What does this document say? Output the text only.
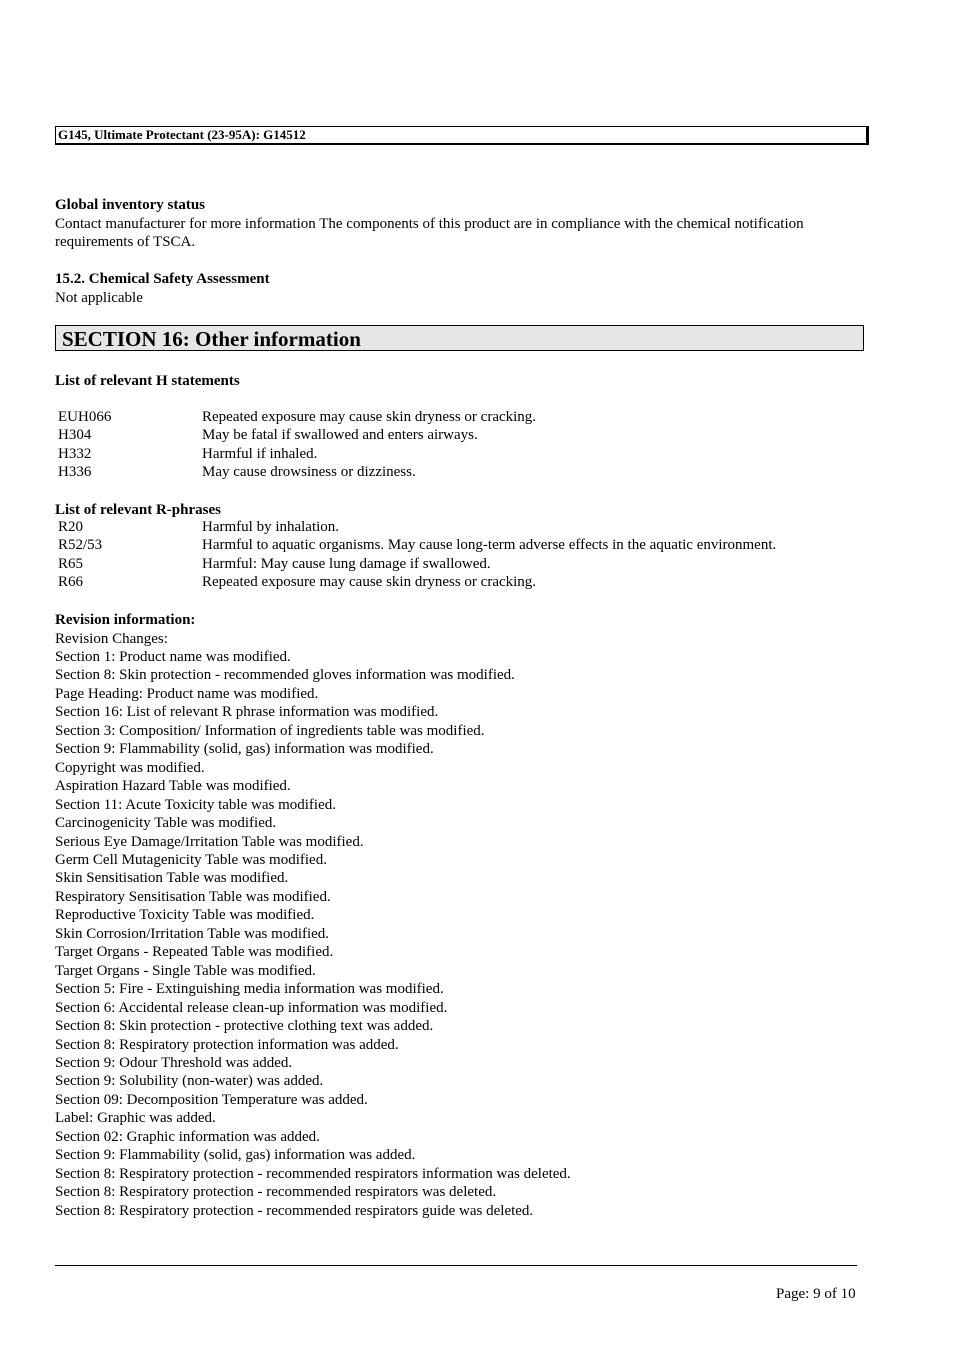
G145, Ultimate Protectant (23-95A): G14512
Global inventory status
Contact manufacturer for more information The components of this product are in compliance with the chemical notification
requirements of TSCA.
15.2. Chemical Safety Assessment
Not applicable
SECTION 16: Other information
List of relevant H statements
EUH066	Repeated exposure may cause skin dryness or cracking.
H304	May be fatal if swallowed and enters airways.
H332	Harmful if inhaled.
H336	May cause drowsiness or dizziness.
List of relevant R-phrases
R20	Harmful by inhalation.
R52/53	Harmful to aquatic organisms. May cause long-term adverse effects in the aquatic environment.
R65	Harmful: May cause lung damage if swallowed.
R66	Repeated exposure may cause skin dryness or cracking.
Revision information:
Revision Changes:
Section 1: Product name was modified.
Section 8: Skin protection - recommended gloves information was modified.
Page Heading: Product name was modified.
Section 16: List of relevant R phrase information was modified.
Section 3: Composition/ Information of ingredients table was modified.
Section 9: Flammability (solid, gas) information was modified.
Copyright was modified.
Aspiration Hazard Table was modified.
Section 11: Acute Toxicity table was modified.
Carcinogenicity Table was modified.
Serious Eye Damage/Irritation Table was modified.
Germ Cell Mutagenicity Table was modified.
Skin Sensitisation Table was modified.
Respiratory Sensitisation Table was modified.
Reproductive Toxicity Table was modified.
Skin Corrosion/Irritation Table was modified.
Target Organs - Repeated Table was modified.
Target Organs - Single Table was modified.
Section 5: Fire - Extinguishing media information was modified.
Section 6: Accidental release clean-up information was modified.
Section 8: Skin protection - protective clothing text was added.
Section 8: Respiratory protection information was added.
Section 9: Odour Threshold was added.
Section 9: Solubility (non-water) was added.
Section 09: Decomposition Temperature was added.
Label: Graphic was added.
Section 02: Graphic information was added.
Section 9: Flammability (solid, gas) information was added.
Section 8: Respiratory protection - recommended respirators information was deleted.
Section 8: Respiratory protection - recommended respirators was deleted.
Section 8: Respiratory protection - recommended respirators guide was deleted.
Page: 9 of 10
